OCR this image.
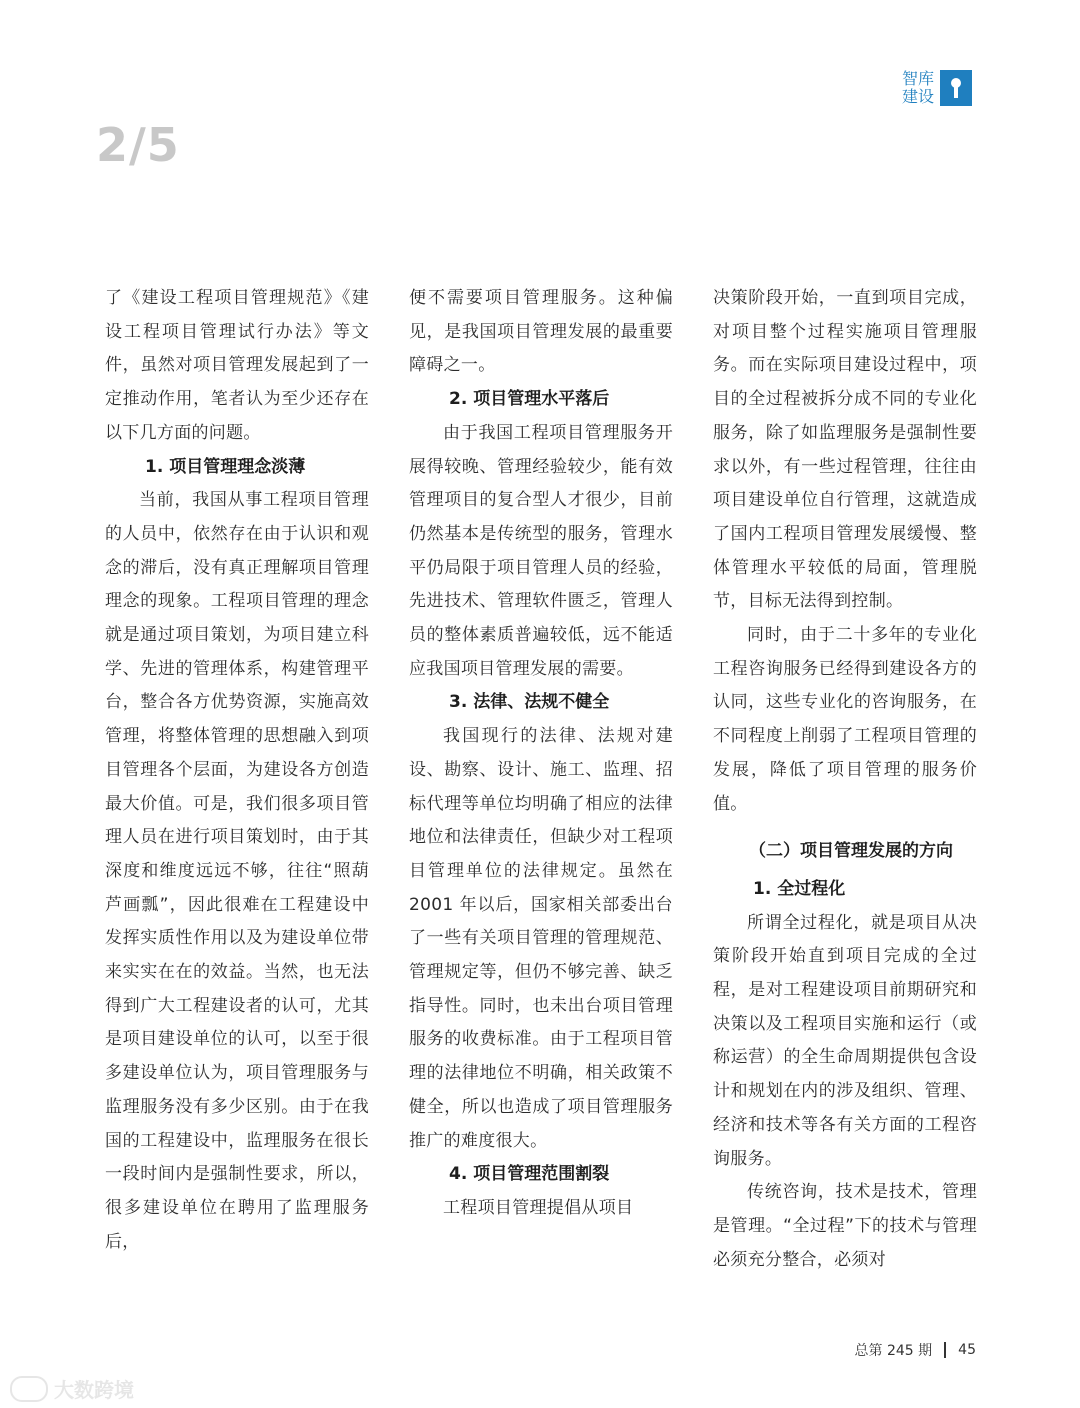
2/5
智库
建设

了《建设工程项目管理规范》《建设工程项目管理试行办法》等文件，虽然对项目管理发展起到了一定推动作用，笔者认为至少还存在以下几方面的问题。

1. 项目管理理念淡薄

当前，我国从事工程项目管理的人员中，依然存在由于认识和观念的滞后，没有真正理解项目管理理念的现象。工程项目管理的理念就是通过项目策划，为项目建立科学、先进的管理体系，构建管理平台，整合各方优势资源，实施高效管理，将整体管理的思想融入到项目管理各个层面，为建设各方创造最大价值。可是，我们很多项目管理人员在进行项目策划时，由于其深度和维度远远不够，往往“照葫芦画瓢”，因此很难在工程建设中发挥实质性作用以及为建设单位带来实实在在的效益。当然，也无法得到广大工程建设者的认可，尤其是项目建设单位的认可，以至于很多建设单位认为，项目管理服务与监理服务没有多少区别。由于在我国的工程建设中，监理服务在很长一段时间内是强制性要求，所以，很多建设单位在聘用了监理服务后，

便不需要项目管理服务。这种偏见，是我国项目管理发展的最重要障碍之一。

2. 项目管理水平落后

由于我国工程项目管理服务开展得较晚、管理经验较少，能有效管理项目的复合型人才很少，目前仍然基本是传统型的服务，管理水平仍局限于项目管理人员的经验，先进技术、管理软件匮乏，管理人员的整体素质普遍较低，远不能适应我国项目管理发展的需要。

3. 法律、法规不健全

我国现行的法律、法规对建设、勘察、设计、施工、监理、招标代理等单位均明确了相应的法律地位和法律责任，但缺少对工程项目管理单位的法律规定。虽然在 2001 年以后，国家相关部委出台了一些有关项目管理的管理规范、管理规定等，但仍不够完善、缺乏指导性。同时，也未出台项目管理服务的收费标准。由于工程项目管理的法律地位不明确，相关政策不健全，所以也造成了项目管理服务推广的难度很大。

4. 项目管理范围割裂

工程项目管理提倡从项目

决策阶段开始，一直到项目完成，对项目整个过程实施项目管理服务。而在实际项目建设过程中，项目的全过程被拆分成不同的专业化服务，除了如监理服务是强制性要求以外，有一些过程管理，往往由项目建设单位自行管理，这就造成了国内工程项目管理发展缓慢、整体管理水平较低的局面，管理脱节，目标无法得到控制。

同时，由于二十多年的专业化工程咨询服务已经得到建设各方的认同，这些专业化的咨询服务，在不同程度上削弱了工程项目管理的发展，降低了项目管理的服务价值。

（二）项目管理发展的方向
1. 全过程化

所谓全过程化，就是项目从决策阶段开始直到项目完成的全过程，是对工程建设项目前期研究和决策以及工程项目实施和运行（或称运营）的全生命周期提供包含设计和规划在内的涉及组织、管理、经济和技术等各有关方面的工程咨询服务。

传统咨询，技术是技术，管理是管理。“全过程”下的技术与管理必须充分整合，必须对

总第 245 期 45
大数跨境
